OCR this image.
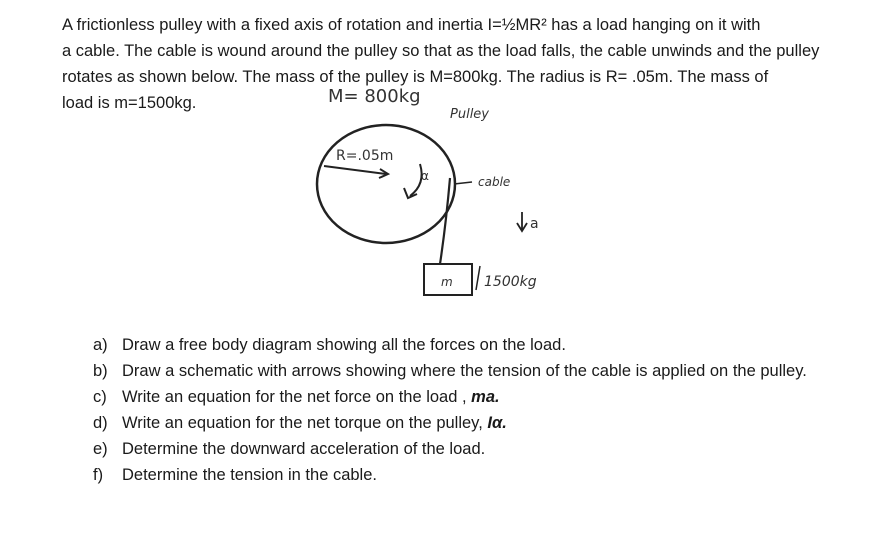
A frictionless pulley with a fixed axis of rotation and inertia I=½MR² has a load hanging on it with

a cable. The cable is wound around the pulley so that as the load falls, the cable unwinds and the pulley

rotates as shown below. The mass of the pulley is M=800kg. The radius is R= .05m. The mass of

load is m=1500kg.	M= 800kg
Pulley
R=.05m
α	cable
a
m 1500kg
a) Draw a free body diagram showing all the forces on the load.
b) Draw a schematic with arrows showing where the tension of the cable is applied on the pulley.
c) Write an equation for the net force on the load , ma.
d) Write an equation for the net torque on the pulley, Iα.
e) Determine the downward acceleration of the load.
f)	Determine the tension in the cable.
